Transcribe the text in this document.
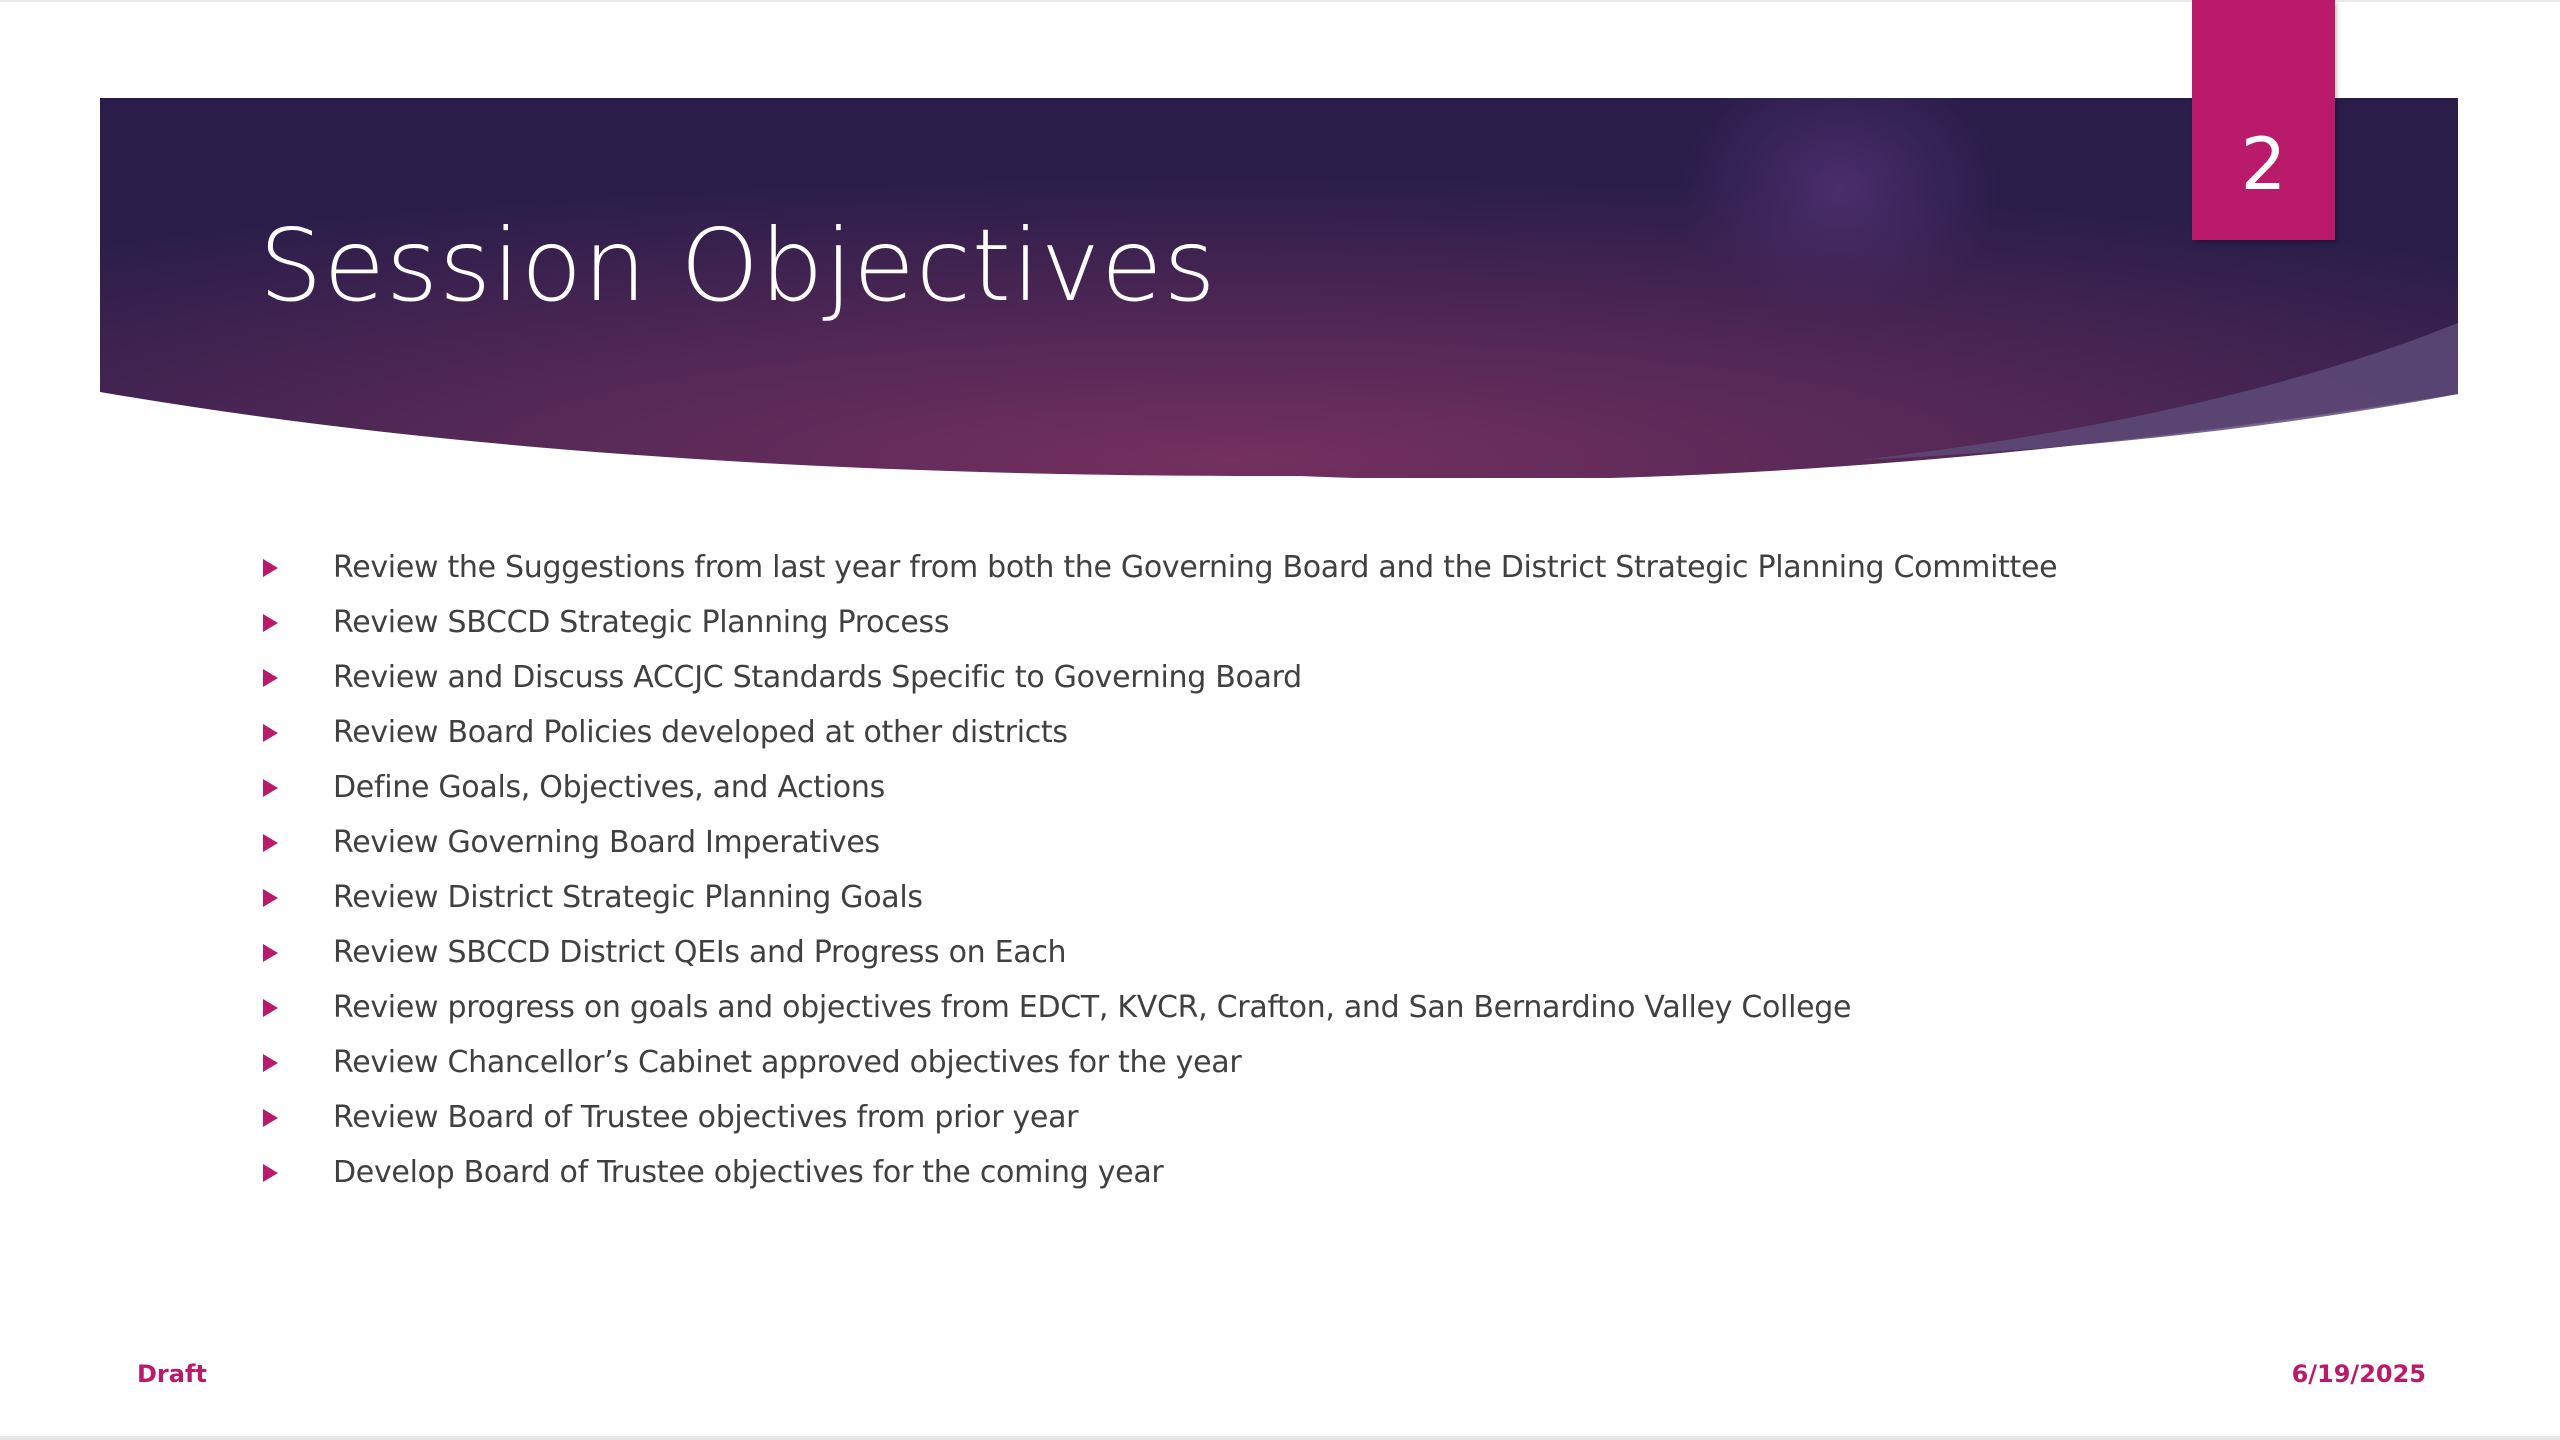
Session Objectives
2
Review the Suggestions from last year from both the Governing Board and the District Strategic Planning Committee
Review SBCCD Strategic Planning Process
Review and Discuss ACCJC Standards Specific to Governing Board
Review Board Policies developed at other districts
Define Goals, Objectives, and Actions
Review Governing Board Imperatives
Review District Strategic Planning Goals
Review SBCCD District QEIs and Progress on Each
Review progress on goals and objectives from EDCT, KVCR, Crafton, and San Bernardino Valley College
Review Chancellor’s Cabinet approved objectives for the year
Review Board of Trustee objectives from prior year
Develop Board of Trustee objectives for the coming year
Draft	6/19/2025
